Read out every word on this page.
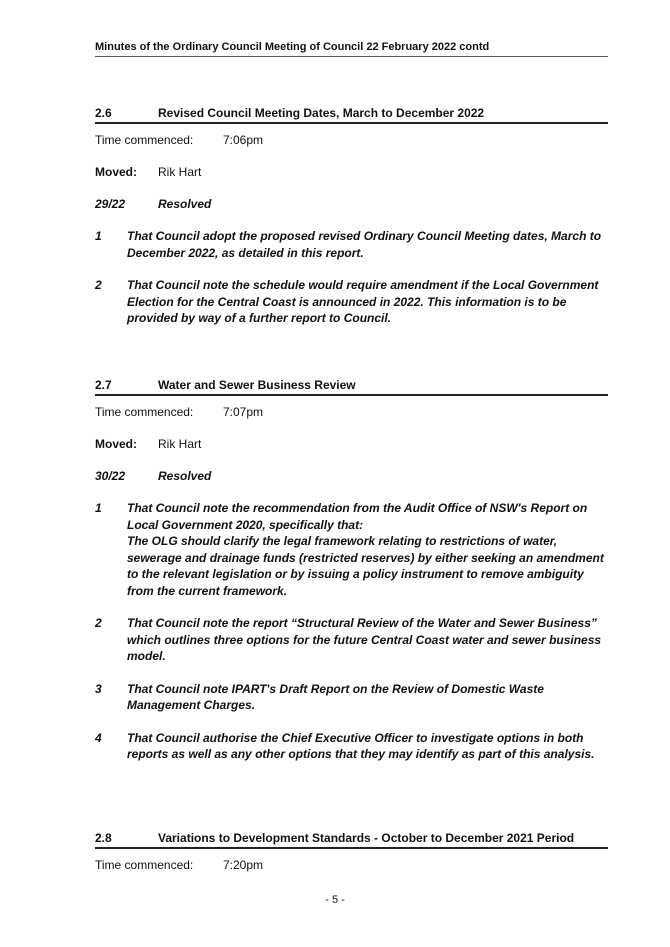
Minutes of the Ordinary Council Meeting of Council 22 February 2022 contd
2.6	Revised Council Meeting Dates, March to December 2022
Time commenced: 7:06pm
Moved: Rik Hart
29/22	Resolved
1	That Council adopt the proposed revised Ordinary Council Meeting dates, March to December 2022, as detailed in this report.

2	That Council note the schedule would require amendment if the Local Government Election for the Central Coast is announced in 2022. This information is to be provided by way of a further report to Council.

2.7	Water and Sewer Business Review
Time commenced: 7:07pm
Moved: Rik Hart
30/22	Resolved
1	That Council note the recommendation from the Audit Office of NSW's Report on Local Government 2020, specifically that:

The OLG should clarify the legal framework relating to restrictions of water, sewerage and drainage funds (restricted reserves) by either seeking an amendment to the relevant legislation or by issuing a policy instrument to remove ambiguity from the current framework.

2	That Council note the report “Structural Review of the Water and Sewer Business” which outlines three options for the future Central Coast water and sewer business model.

3	That Council note IPART's Draft Report on the Review of Domestic Waste Management Charges.

4	That Council authorise the Chief Executive Officer to investigate options in both reports as well as any other options that they may identify as part of this analysis.

2.8	Variations to Development Standards - October to December 2021 Period
Time commenced: 7:20pm
- 5 -
